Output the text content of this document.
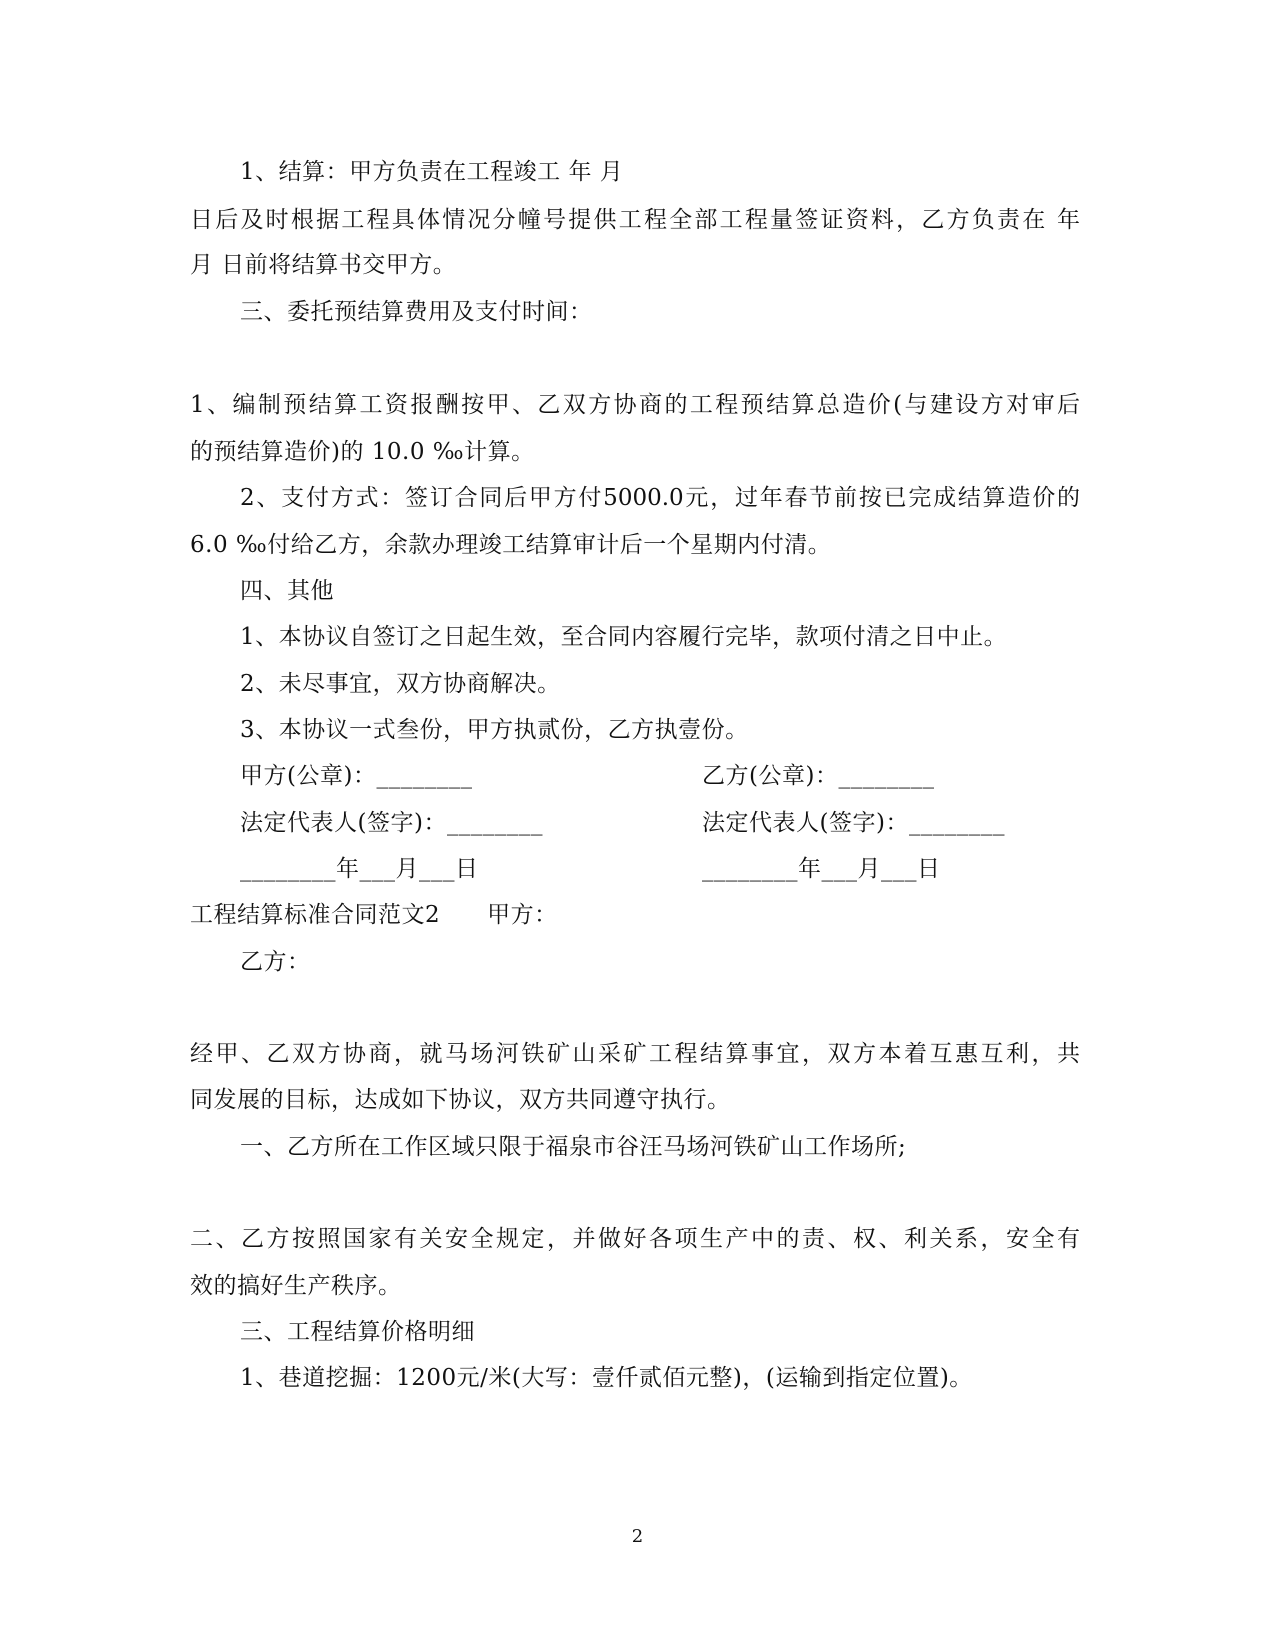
1、结算：甲方负责在工程竣工 年 月
日后及时根据工程具体情况分幢号提供工程全部工程量签证资料，乙方负责在 年
月 日前将结算书交甲方。
三、委托预结算费用及支付时间：
1、编制预结算工资报酬按甲、乙双方协商的工程预结算总造价(与建设方对审后
的预结算造价)的 10.0 ‰计算。
2、支付方式：签订合同后甲方付5000.0元，过年春节前按已完成结算造价的
6.0 ‰付给乙方，余款办理竣工结算审计后一个星期内付清。
四、其他
1、本协议自签订之日起生效，至合同内容履行完毕，款项付清之日中止。
2、未尽事宜，双方协商解决。
3、本协议一式叁份，甲方执贰份，乙方执壹份。
甲方(公章)：________	乙方(公章)：________
法定代表人(签字)：________	法定代表人(签字)：________
________年___月___日	________年___月___日
工程结算标准合同范文2　　甲方：
乙方：
经甲、乙双方协商，就马场河铁矿山采矿工程结算事宜，双方本着互惠互利，共
同发展的目标，达成如下协议，双方共同遵守执行。
一、乙方所在工作区域只限于福泉市谷汪马场河铁矿山工作场所;
二、乙方按照国家有关安全规定，并做好各项生产中的责、权、利关系，安全有
效的搞好生产秩序。
三、工程结算价格明细
1、巷道挖掘：1200元/米(大写：壹仟贰佰元整)，(运输到指定位置)。
2
